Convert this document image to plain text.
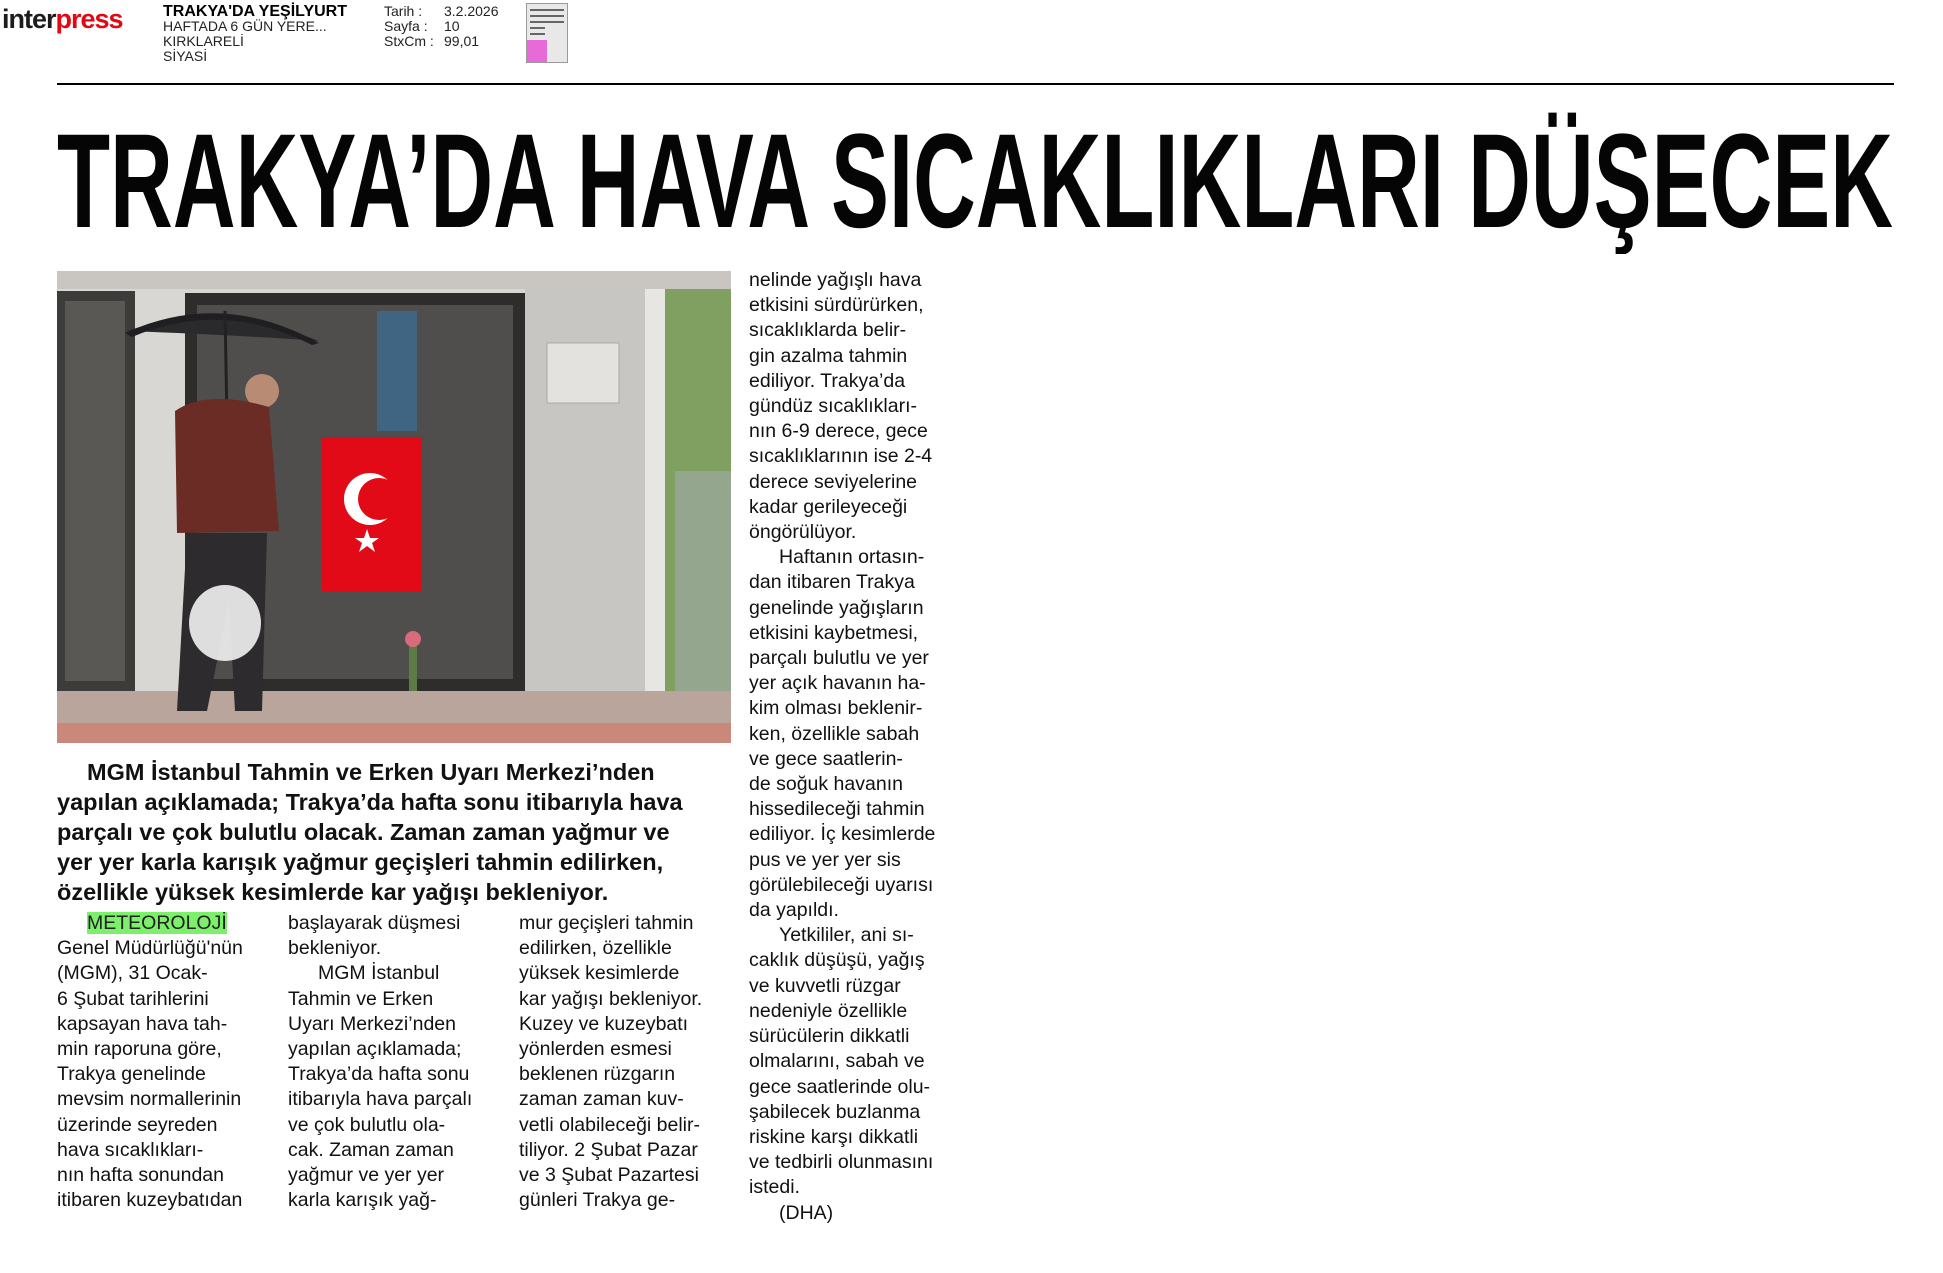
interpress	TRAKYA'DA YEŞİLYURT
HAFTADA 6 GÜN YERE...
KIRKLARELİ
SİYASİ
Tarih :	3.2.2026
Sayfa :	10
StxCm : 99,01
TRAKYA’DA HAVA SICAKLIKLARI DÜŞECEK
MGM İstanbul Tahmin ve Erken Uyarı Merkezi’nden
yapılan açıklamada; Trakya’da hafta sonu itibarıyla hava
parçalı ve çok bulutlu olacak. Zaman zaman yağmur ve
yer yer karla karışık yağmur geçişleri tahmin edilirken,
özellikle yüksek kesimlerde kar yağışı bekleniyor.
METEOROLOJİ
Genel Müdürlüğü'nün
(MGM), 31 Ocak-
6 Şubat tarihlerini
kapsayan hava tah-
min raporuna göre,
Trakya genelinde
mevsim normallerinin
üzerinde seyreden
hava sıcaklıkları-
nın hafta sonundan
itibaren kuzeybatıdan
başlayarak düşmesi
bekleniyor.
MGM İstanbul
Tahmin ve Erken
Uyarı Merkezi’nden
yapılan açıklamada;
Trakya’da hafta sonu
itibarıyla hava parçalı
ve çok bulutlu ola-
cak. Zaman zaman
yağmur ve yer yer
karla karışık yağ-
mur geçişleri tahmin
edilirken, özellikle
yüksek kesimlerde
kar yağışı bekleniyor.
Kuzey ve kuzeybatı
yönlerden esmesi
beklenen rüzgarın
zaman zaman kuv-
vetli olabileceği belir-
tiliyor. 2 Şubat Pazar
ve 3 Şubat Pazartesi
günleri Trakya ge-
nelinde yağışlı hava
etkisini sürdürürken,
sıcaklıklarda belir-
gin azalma tahmin
ediliyor. Trakya’da
gündüz sıcaklıkları-
nın 6-9 derece, gece
sıcaklıklarının ise 2-4
derece seviyelerine
kadar gerileyeceği
öngörülüyor.
Haftanın ortasın-
dan itibaren Trakya
genelinde yağışların
etkisini kaybetmesi,
parçalı bulutlu ve yer
yer açık havanın ha-
kim olması beklenir-
ken, özellikle sabah
ve gece saatlerin-
de soğuk havanın
hissedileceği tahmin
ediliyor. İç kesimlerde
pus ve yer yer sis
görülebileceği uyarısı
da yapıldı.
Yetkililer, ani sı-
caklık düşüşü, yağış
ve kuvvetli rüzgar
nedeniyle özellikle
sürücülerin dikkatli
olmalarını, sabah ve
gece saatlerinde olu-
şabilecek buzlanma
riskine karşı dikkatli
ve tedbirli olunmasını
istedi.
(DHA)
